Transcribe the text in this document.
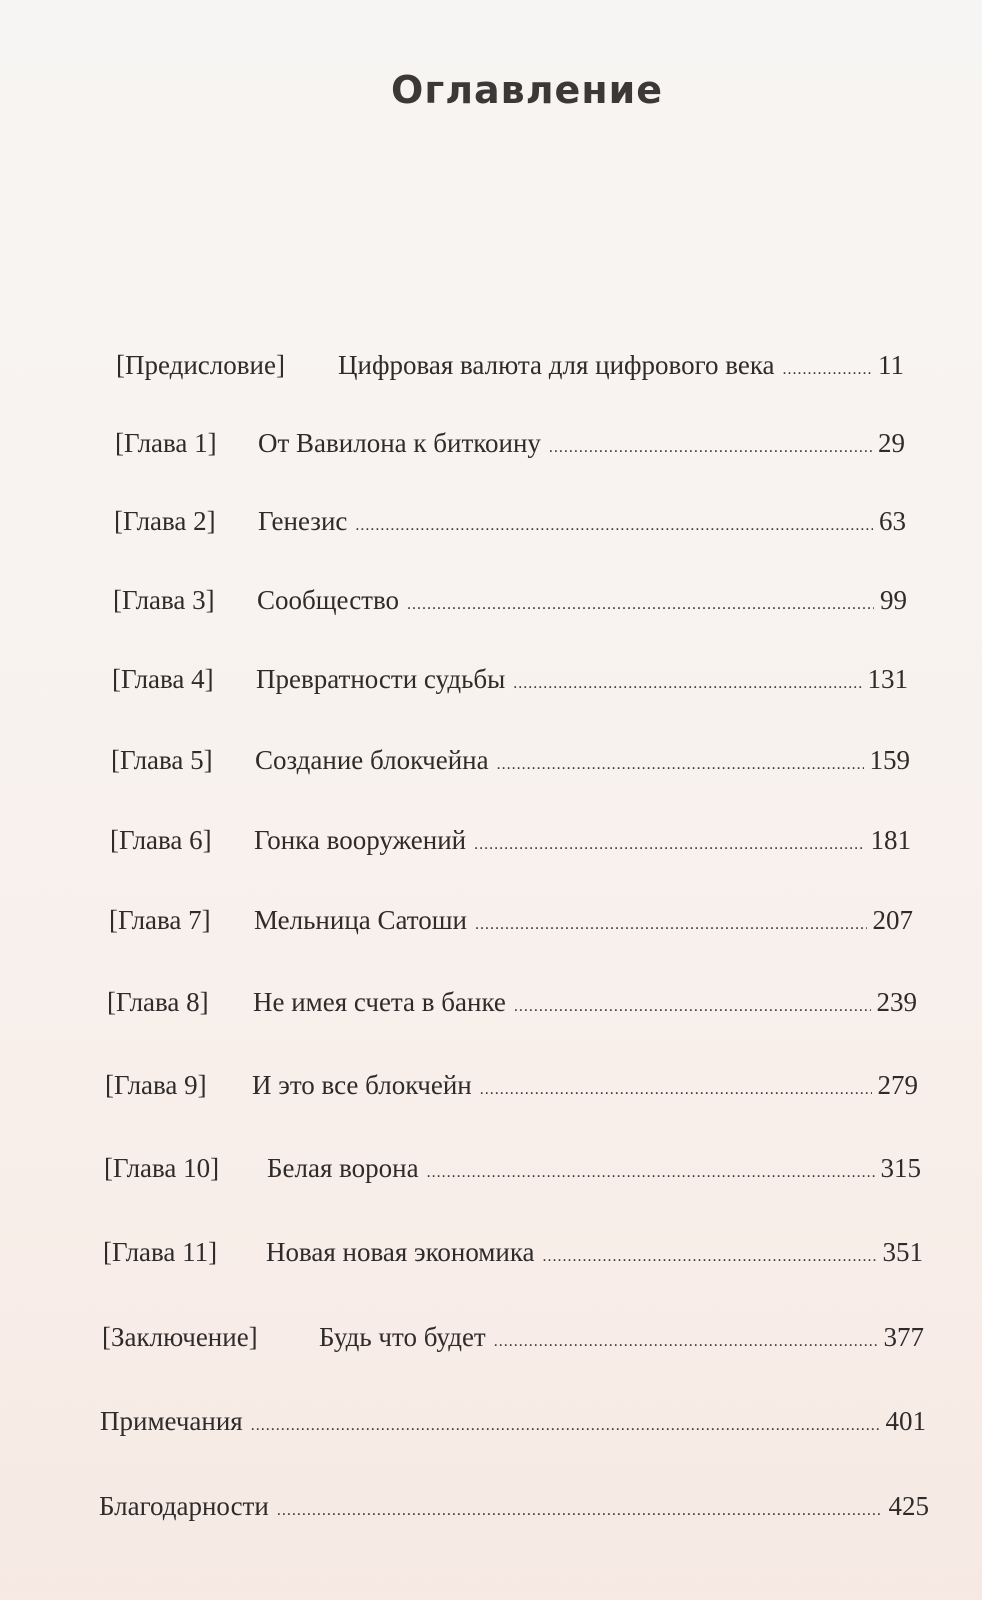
Оглавление
[Предисловие]	Цифровая валюта для цифрового века .....	11
[Глава 1]	От Вавилона к биткоину .....	29
[Глава 2]	Генезис .....	63
[Глава 3]	Сообщество .....	99
[Глава 4]	Превратности судьбы .....	131
[Глава 5]	Создание блокчейна .....	159
[Глава 6]	Гонка вооружений .....	181
[Глава 7]	Мельница Сатоши .....	207
[Глава 8]	Не имея счета в банке .....	239
[Глава 9]	И это все блокчейн .....	279
[Глава 10]	Белая ворона .....	315
[Глава 11]	Новая новая экономика .....	351
[Заключение]	Будь что будет .....	377
Примечания .....	401
Благодарности .....	425
